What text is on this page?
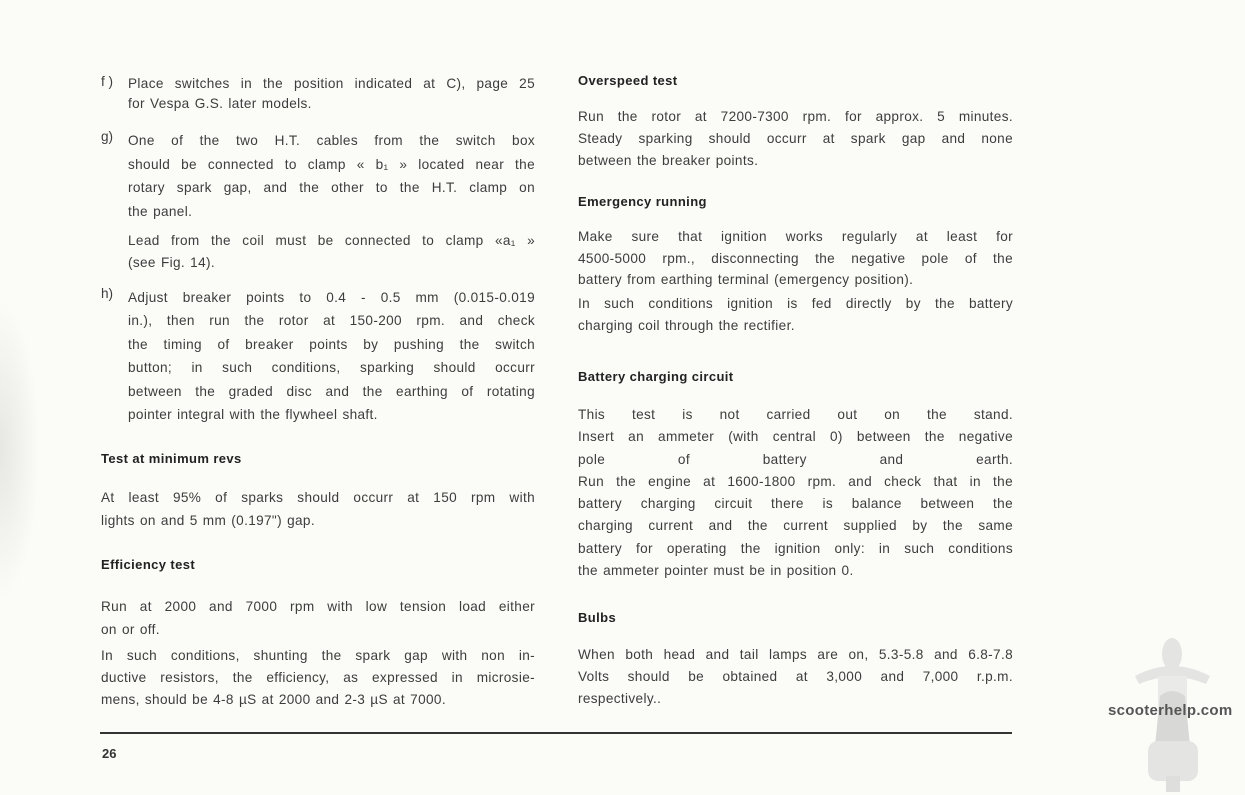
f ) Place switches in the position indicated at C), page 25
for Vespa G.S. later models.
g) One of the two H.T. cables from the switch box
should be connected to clamp « b₁ » located near the
rotary spark gap, and the other to the H.T. clamp on
the panel.
Lead from the coil must be connected to clamp «a₁ »
(see Fig. 14).
h) Adjust breaker points to 0.4 - 0.5 mm (0.015-0.019
in.), then run the rotor at 150-200 rpm. and check
the timing of breaker points by pushing the switch
button; in such conditions, sparking should occurr
between the graded disc and the earthing of rotating
pointer integral with the flywheel shaft.
Test at minimum revs
At least 95% of sparks should occurr at 150 rpm with
lights on and 5 mm (0.197") gap.
Efficiency test
Run at 2000 and 7000 rpm with low tension load either
on or off.
In such conditions, shunting the spark gap with non in-
ductive resistors, the efficiency, as expressed in microsie-
mens, should be 4-8 µS at 2000 and 2-3 µS at 7000.
Overspeed test
Run the rotor at 7200-7300 rpm. for approx. 5 minutes.
Steady sparking should occurr at spark gap and none
between the breaker points.
Emergency running
Make sure that ignition works regularly at least for
4500-5000 rpm., disconnecting the negative pole of the
battery from earthing terminal (emergency position).
In such conditions ignition is fed directly by the battery
charging coil through the rectifier.
Battery charging circuit
This test is not carried out on the stand.
Insert an ammeter (with central 0) between the negative
pole of battery and earth.
Run the engine at 1600-1800 rpm. and check that in the
battery charging circuit there is balance between the
charging current and the current supplied by the same
battery for operating the ignition only: in such conditions
the ammeter pointer must be in position 0.
Bulbs
When both head and tail lamps are on, 5.3-5.8 and 6.8-7.8
Volts should be obtained at 3,000 and 7,000 r.p.m.
respectively..
26
scooterhelp.com
